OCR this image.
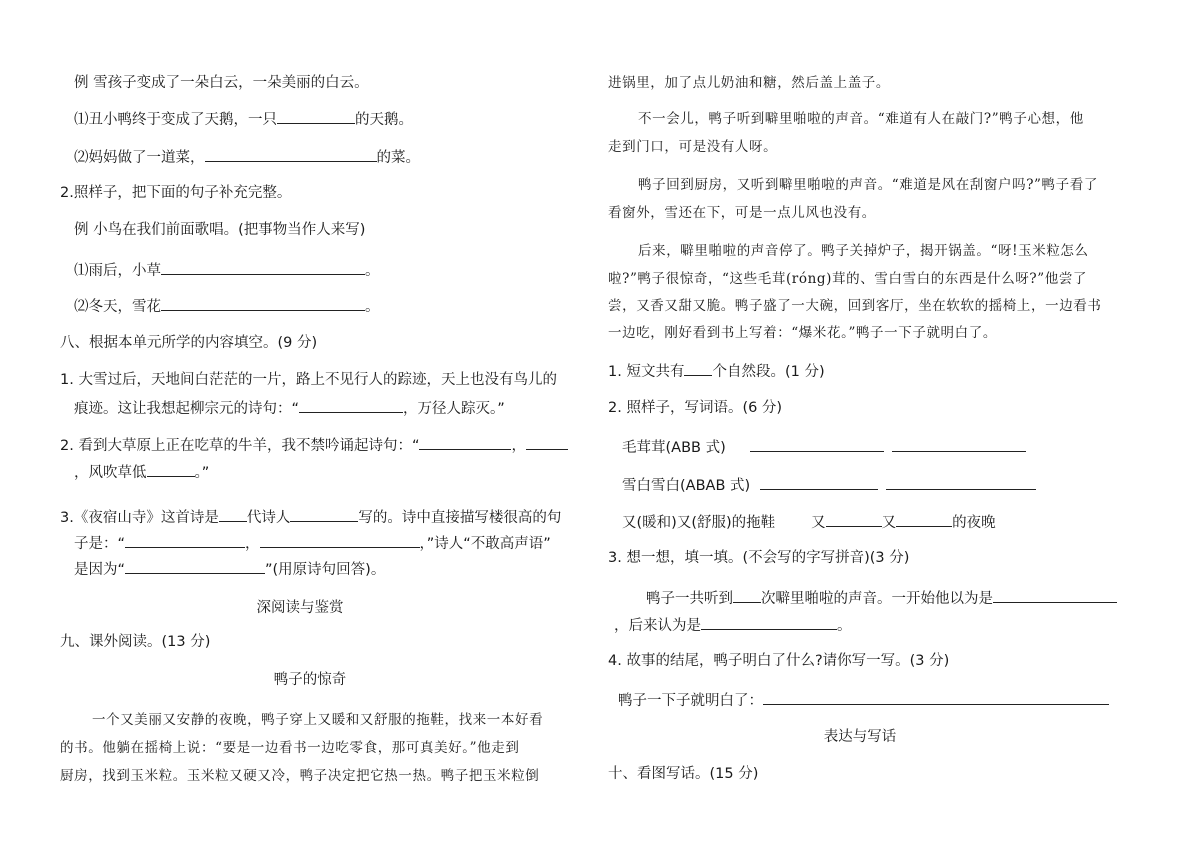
例 雪孩子变成了一朵白云，一朵美丽的白云。
⑴丑小鸭终于变成了天鹅，一只	的天鹅。
⑵妈妈做了一道菜，	的菜。
2.照样子，把下面的句子补充完整。
例 小鸟在我们前面歌唱。(把事物当作人来写)
⑴雨后，小草	。
⑵冬天，雪花	。
八、根据本单元所学的内容填空。(9 分)
1. 大雪过后，天地间白茫茫的一片，路上不见行人的踪迹，天上也没有鸟儿的
痕迹。这让我想起柳宗元的诗句：“	，万径人踪灭。”
2. 看到大草原上正在吃草的牛羊，我不禁吟诵起诗句：“	，
，风吹草低	。”
3.《夜宿山寺》这首诗是 代诗人	写的。诗中直接描写楼很高的句
子是：“	，	，”诗人“不敢高声语”
是因为“	”(用原诗句回答)。
深阅读与鉴赏
九、课外阅读。(13 分)
鸭子的惊奇
一个又美丽又安静的夜晚，鸭子穿上又暖和又舒服的拖鞋，找来一本好看
的书。他躺在摇椅上说：“要是一边看书一边吃零食，那可真美好。”他走到
厨房，找到玉米粒。玉米粒又硬又冷，鸭子决定把它热一热。鸭子把玉米粒倒
进锅里，加了点儿奶油和糖，然后盖上盖子。
不一会儿，鸭子听到噼里啪啦的声音。“难道有人在敲门?”鸭子心想，他
走到门口，可是没有人呀。
鸭子回到厨房，又听到噼里啪啦的声音。“难道是风在刮窗户吗?”鸭子看了
看窗外，雪还在下，可是一点儿风也没有。
后来，噼里啪啦的声音停了。鸭子关掉炉子，揭开锅盖。“呀!玉米粒怎么
啦?”鸭子很惊奇，“这些毛茸(róng)茸的、雪白雪白的东西是什么呀?”他尝了
尝，又香又甜又脆。鸭子盛了一大碗，回到客厅，坐在软软的摇椅上，一边看书
一边吃，刚好看到书上写着：“爆米花。”鸭子一下子就明白了。
1. 短文共有 个自然段。(1 分)
2. 照样子，写词语。(6 分)
毛茸茸(ABB 式)
雪白雪白(ABAB 式)
又(暖和)又(舒服)的拖鞋 又	又	的夜晚
3. 想一想，填一填。(不会写的字写拼音)(3 分)
鸭子一共听到 次噼里啪啦的声音。一开始他以为是
，后来认为是	。
4. 故事的结尾，鸭子明白了什么?请你写一写。(3 分)
鸭子一下子就明白了：
表达与写话
十、看图写话。(15 分)
